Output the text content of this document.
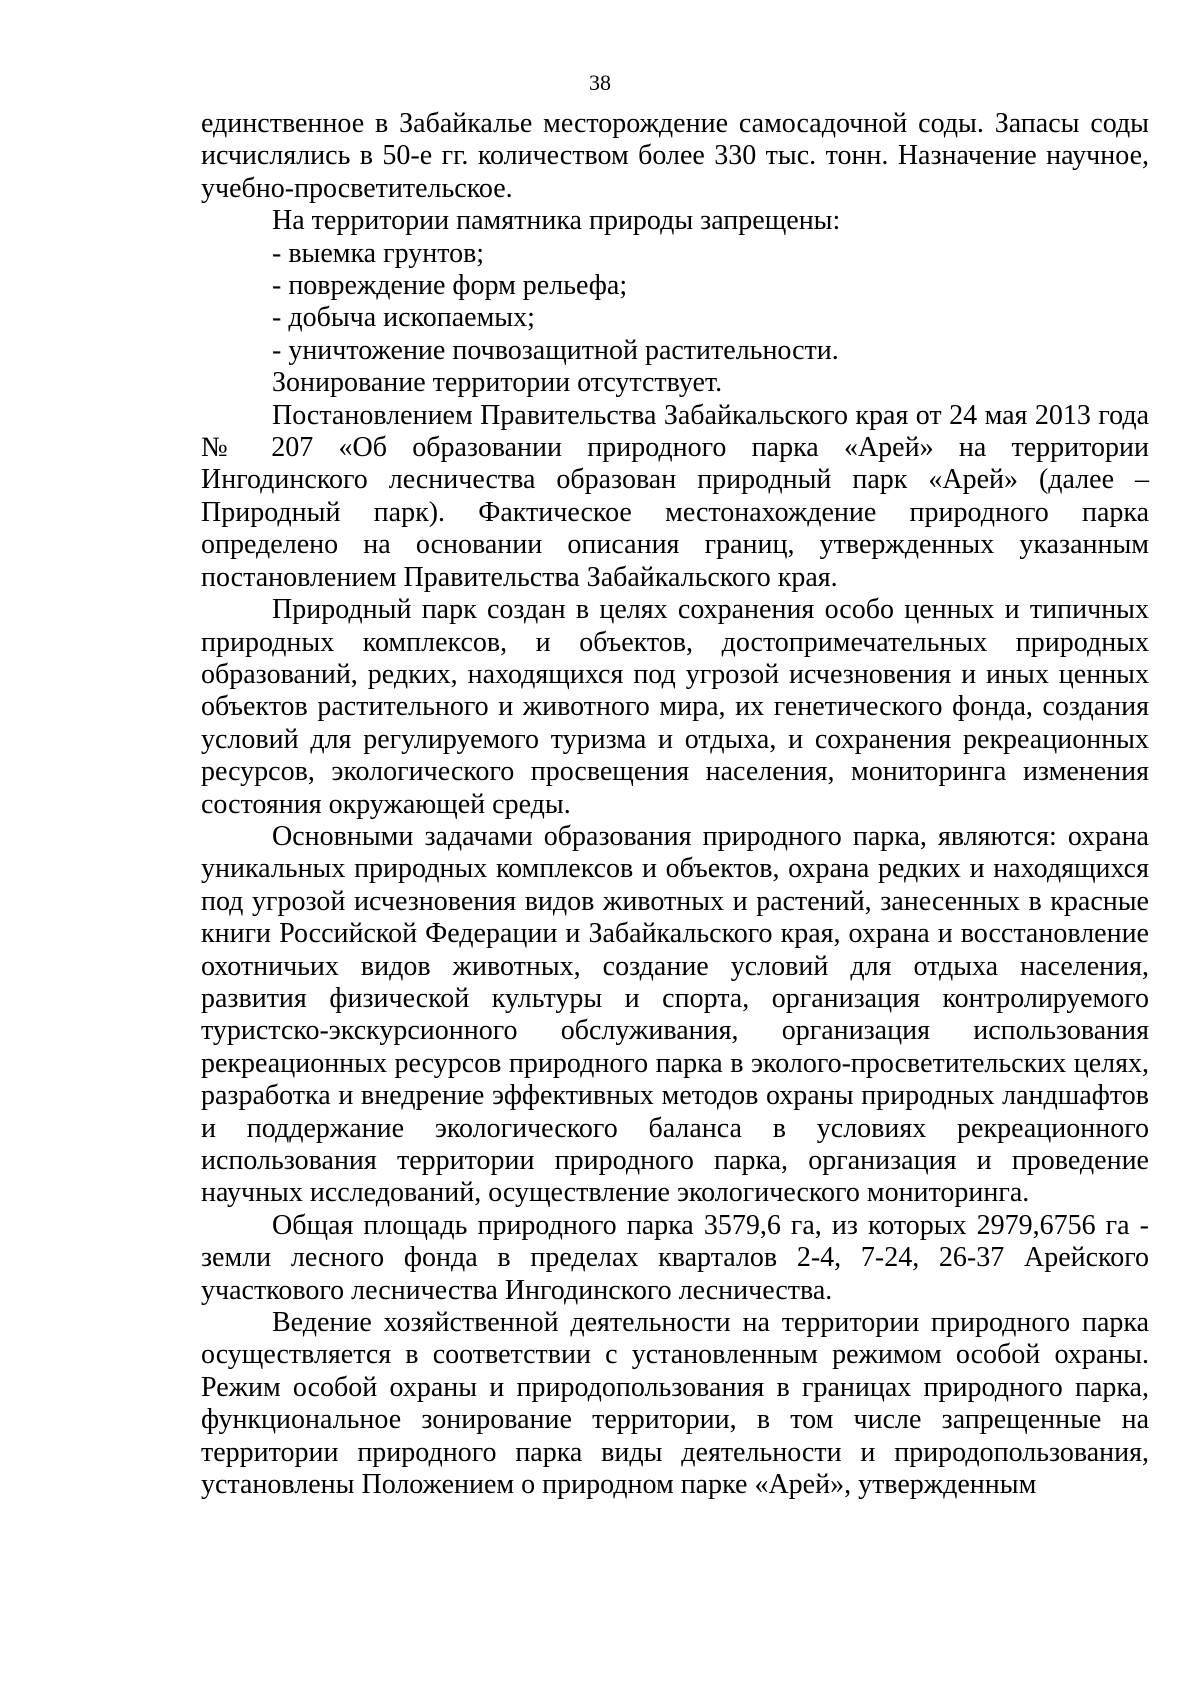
38

единственное в Забайкалье месторождение самосадочной соды. Запасы соды исчислялись в 50-е гг. количеством более 330 тыс. тонн. Назначение научное, учебно-просветительское.

На территории памятника природы запрещены:

- выемка грунтов;

- повреждение форм рельефа;

- добыча ископаемых;

- уничтожение почвозащитной растительности.

Зонирование территории отсутствует.

Постановлением Правительства Забайкальского края от 24 мая 2013 года № 207 «Об образовании природного парка «Арей» на территории Ингодинского лесничества образован природный парк «Арей» (далее – Природный парк). Фактическое местонахождение природного парка определено на основании описания границ, утвержденных указанным постановлением Правительства Забайкальского края.

Природный парк создан в целях сохранения особо ценных и типичных природных комплексов, и объектов, достопримечательных природных образований, редких, находящихся под угрозой исчезновения и иных ценных объектов растительного и животного мира, их генетического фонда, создания условий для регулируемого туризма и отдыха, и сохранения рекреационных ресурсов, экологического просвещения населения, мониторинга изменения состояния окружающей среды.

Основными задачами образования природного парка, являются: охрана уникальных природных комплексов и объектов, охрана редких и находящихся под угрозой исчезновения видов животных и растений, занесенных в красные книги Российской Федерации и Забайкальского края, охрана и восстановление охотничьих видов животных, создание условий для отдыха населения, развития физической культуры и спорта, организация контролируемого туристско-экскурсионного обслуживания, организация использования рекреационных ресурсов природного парка в эколого-просветительских целях, разработка и внедрение эффективных методов охраны природных ландшафтов и поддержание экологического баланса в условиях рекреационного использования территории природного парка, организация и проведение научных исследований, осуществление экологического мониторинга.

Общая площадь природного парка 3579,6 га, из которых 2979,6756 га - земли лесного фонда в пределах кварталов 2-4, 7-24, 26-37 Арейского участкового лесничества Ингодинского лесничества.

Ведение хозяйственной деятельности на территории природного парка осуществляется в соответствии с установленным режимом особой охраны. Режим особой охраны и природопользования в границах природного парка, функциональное зонирование территории, в том числе запрещенные на территории природного парка виды деятельности и природопользования, установлены Положением о природном парке «Арей», утвержденным
